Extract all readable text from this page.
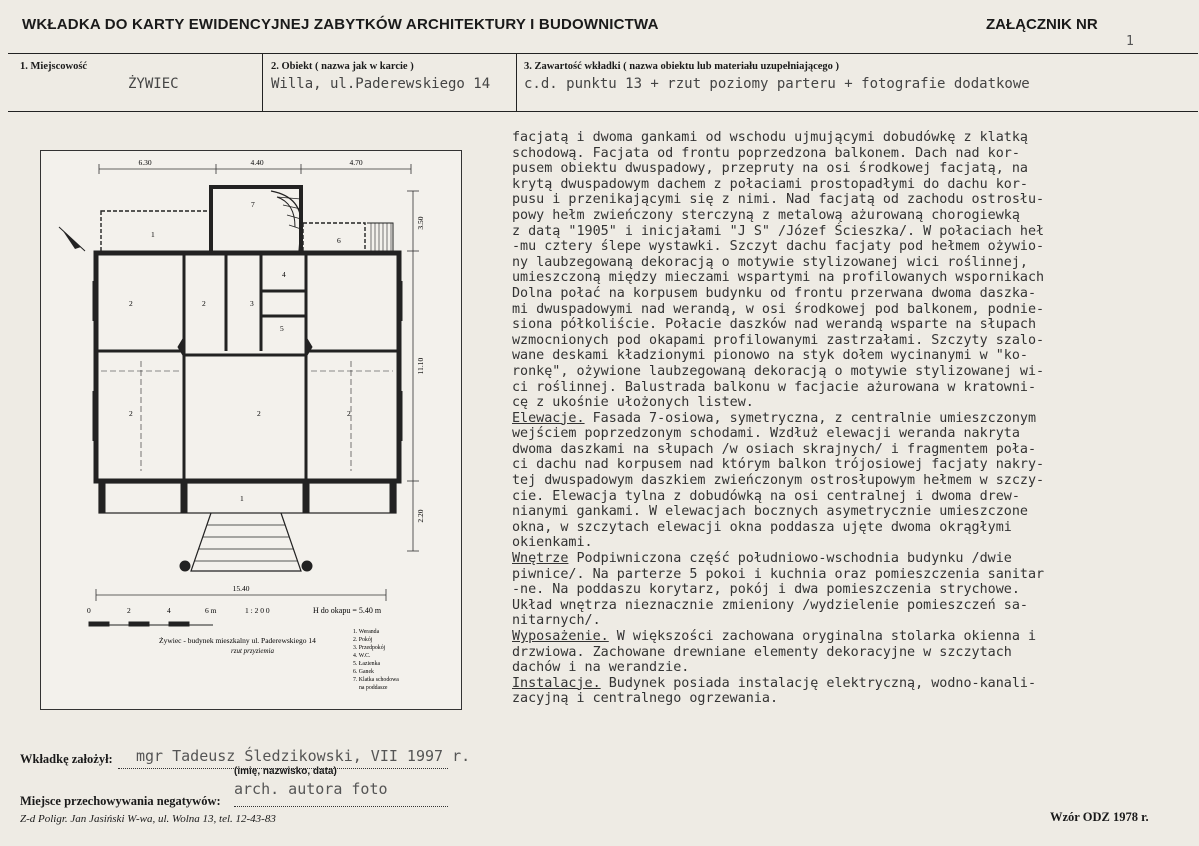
WKŁADKA DO KARTY EWIDENCYJNEJ ZABYTKÓW ARCHITEKTURY I BUDOWNICTWA	ZAŁĄCZNIK NR
1
1. Miejscowość
ŻYWIEC
2. Obiekt ( nazwa jak w karcie )
Willa, ul.Paderewskiego 14
3. Zawartość wkładki ( nazwa obiektu lub materiału uzupełniającego )
c.d. punktu 13 + rzut poziomy parteru + fotografie dodatkowe
6.30	4.40	4.70
3.50
11.10
2.20
15.40
1
7
6
2	2	3
4
5
2	2	2
1
0	2	4	6 m	1 : 2 0 0	H do okapu = 5.40 m
Żywiec - budynek mieszkalny ul. Paderewskiego 14
rzut przyziemia
1. Weranda
2. Pokój
3. Przedpokój
4. W.C.
5. Łazienka
6. Ganek
7. Klatka schodowa
na poddasze
facjatą i dwoma gankami od wschodu ujmującymi dobudówkę z klatką
schodową. Facjata od frontu poprzedzona balkonem. Dach nad kor-
pusem obiektu dwuspadowy, przepruty na osi środkowej facjatą, na
krytą dwuspadowym dachem z połaciami prostopadłymi do dachu kor-
pusu i przenikającymi się z nimi. Nad facjatą od zachodu ostrosłu-
powy hełm zwieńczony sterczyną z metalową ażurowaną chorogiewką
z datą "1905" i inicjałami "J S" /Józef Ścieszka/. W połaciach heł
-mu cztery ślepe wystawki. Szczyt dachu facjaty pod hełmem ożywio-
ny laubzegowaną dekoracją o motywie stylizowanej wici roślinnej,
umieszczoną między mieczami wspartymi na profilowanych wspornikach
Dolna połać na korpusem budynku od frontu przerwana dwoma daszka-
mi dwuspadowymi nad werandą, w osi środkowej pod balkonem, podnie-
siona półkoliście. Połacie daszków nad werandą wsparte na słupach
wzmocnionych pod okapami profilowanymi zastrzałami. Szczyty szalo-
wane deskami kładzionymi pionowo na styk dołem wycinanymi w "ko-
ronkę", ożywione laubzegowaną dekoracją o motywie stylizowanej wi-
ci roślinnej. Balustrada balkonu w facjacie ażurowana w kratowni-
cę z ukośnie ułożonych listew.
Elewacje. Fasada 7-osiowa, symetryczna, z centralnie umieszczonym
wejściem poprzedzonym schodami. Wzdłuż elewacji weranda nakryta
dwoma daszkami na słupach /w osiach skrajnych/ i fragmentem poła-
ci dachu nad korpusem nad którym balkon trójosiowej facjaty nakry-
tej dwuspadowym daszkiem zwieńczonym ostrosłupowym hełmem w szczy-
cie. Elewacja tylna z dobudówką na osi centralnej i dwoma drew-
nianymi gankami. W elewacjach bocznych asymetrycznie umieszczone
okna, w szczytach elewacji okna poddasza ujęte dwoma okrągłymi
okienkami.
Wnętrze Podpiwniczona część południowo-wschodnia budynku /dwie
piwnice/. Na parterze 5 pokoi i kuchnia oraz pomieszczenia sanitar
-ne. Na poddaszu korytarz, pokój i dwa pomieszczenia strychowe.
Układ wnętrza nieznacznie zmieniony /wydzielenie pomieszczeń sa-
nitarnych/.
Wyposażenie. W większości zachowana oryginalna stolarka okienna i
drzwiowa. Zachowane drewniane elementy dekoracyjne w szczytach
dachów i na werandzie.
Instalacje. Budynek posiada instalację elektryczną, wodno-kanali-
zacyjną i centralnego ogrzewania.
Wkładkę założył: mgr Tadeusz Śledzikowski, VII 1997 r.
(imię, nazwisko, data)
Miejsce przechowywania negatywów:
arch. autora foto
Z-d Poligr. Jan Jasiński W-wa, ul. Wolna 13, tel. 12-43-83	Wzór ODZ 1978 r.
